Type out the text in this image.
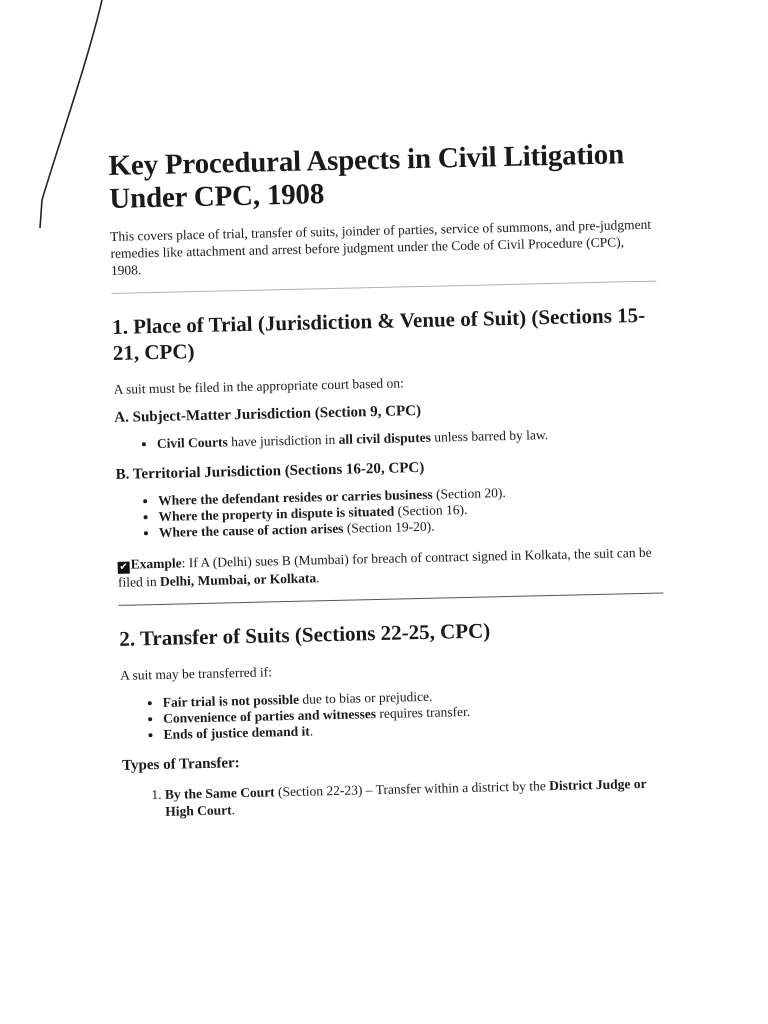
Key Procedural Aspects in Civil Litigation Under CPC, 1908

This covers place of trial, transfer of suits, joinder of parties, service of summons, and pre-judgment remedies like attachment and arrest before judgment under the Code of Civil Procedure (CPC), 1908.

1. Place of Trial (Jurisdiction & Venue of Suit) (Sections 15-21, CPC)

A suit must be filed in the appropriate court based on:

A. Subject-Matter Jurisdiction (Section 9, CPC)
• Civil Courts have jurisdiction in all civil disputes unless barred by law.
B. Territorial Jurisdiction (Sections 16-20, CPC)
• Where the defendant resides or carries business (Section 20).
• Where the property in dispute is situated (Section 16).
• Where the cause of action arises (Section 19-20).
✔ Example: If A (Delhi) sues B (Mumbai) for breach of contract signed in Kolkata, the suit can be filed in Delhi, Mumbai, or Kolkata.
2. Transfer of Suits (Sections 22-25, CPC)

A suit may be transferred if:

• Fair trial is not possible due to bias or prejudice.
• Convenience of parties and witnesses requires transfer.
• Ends of justice demand it.
Types of Transfer:
1. By the Same Court (Section 22-23) – Transfer within a district by the District Judge or High Court.
